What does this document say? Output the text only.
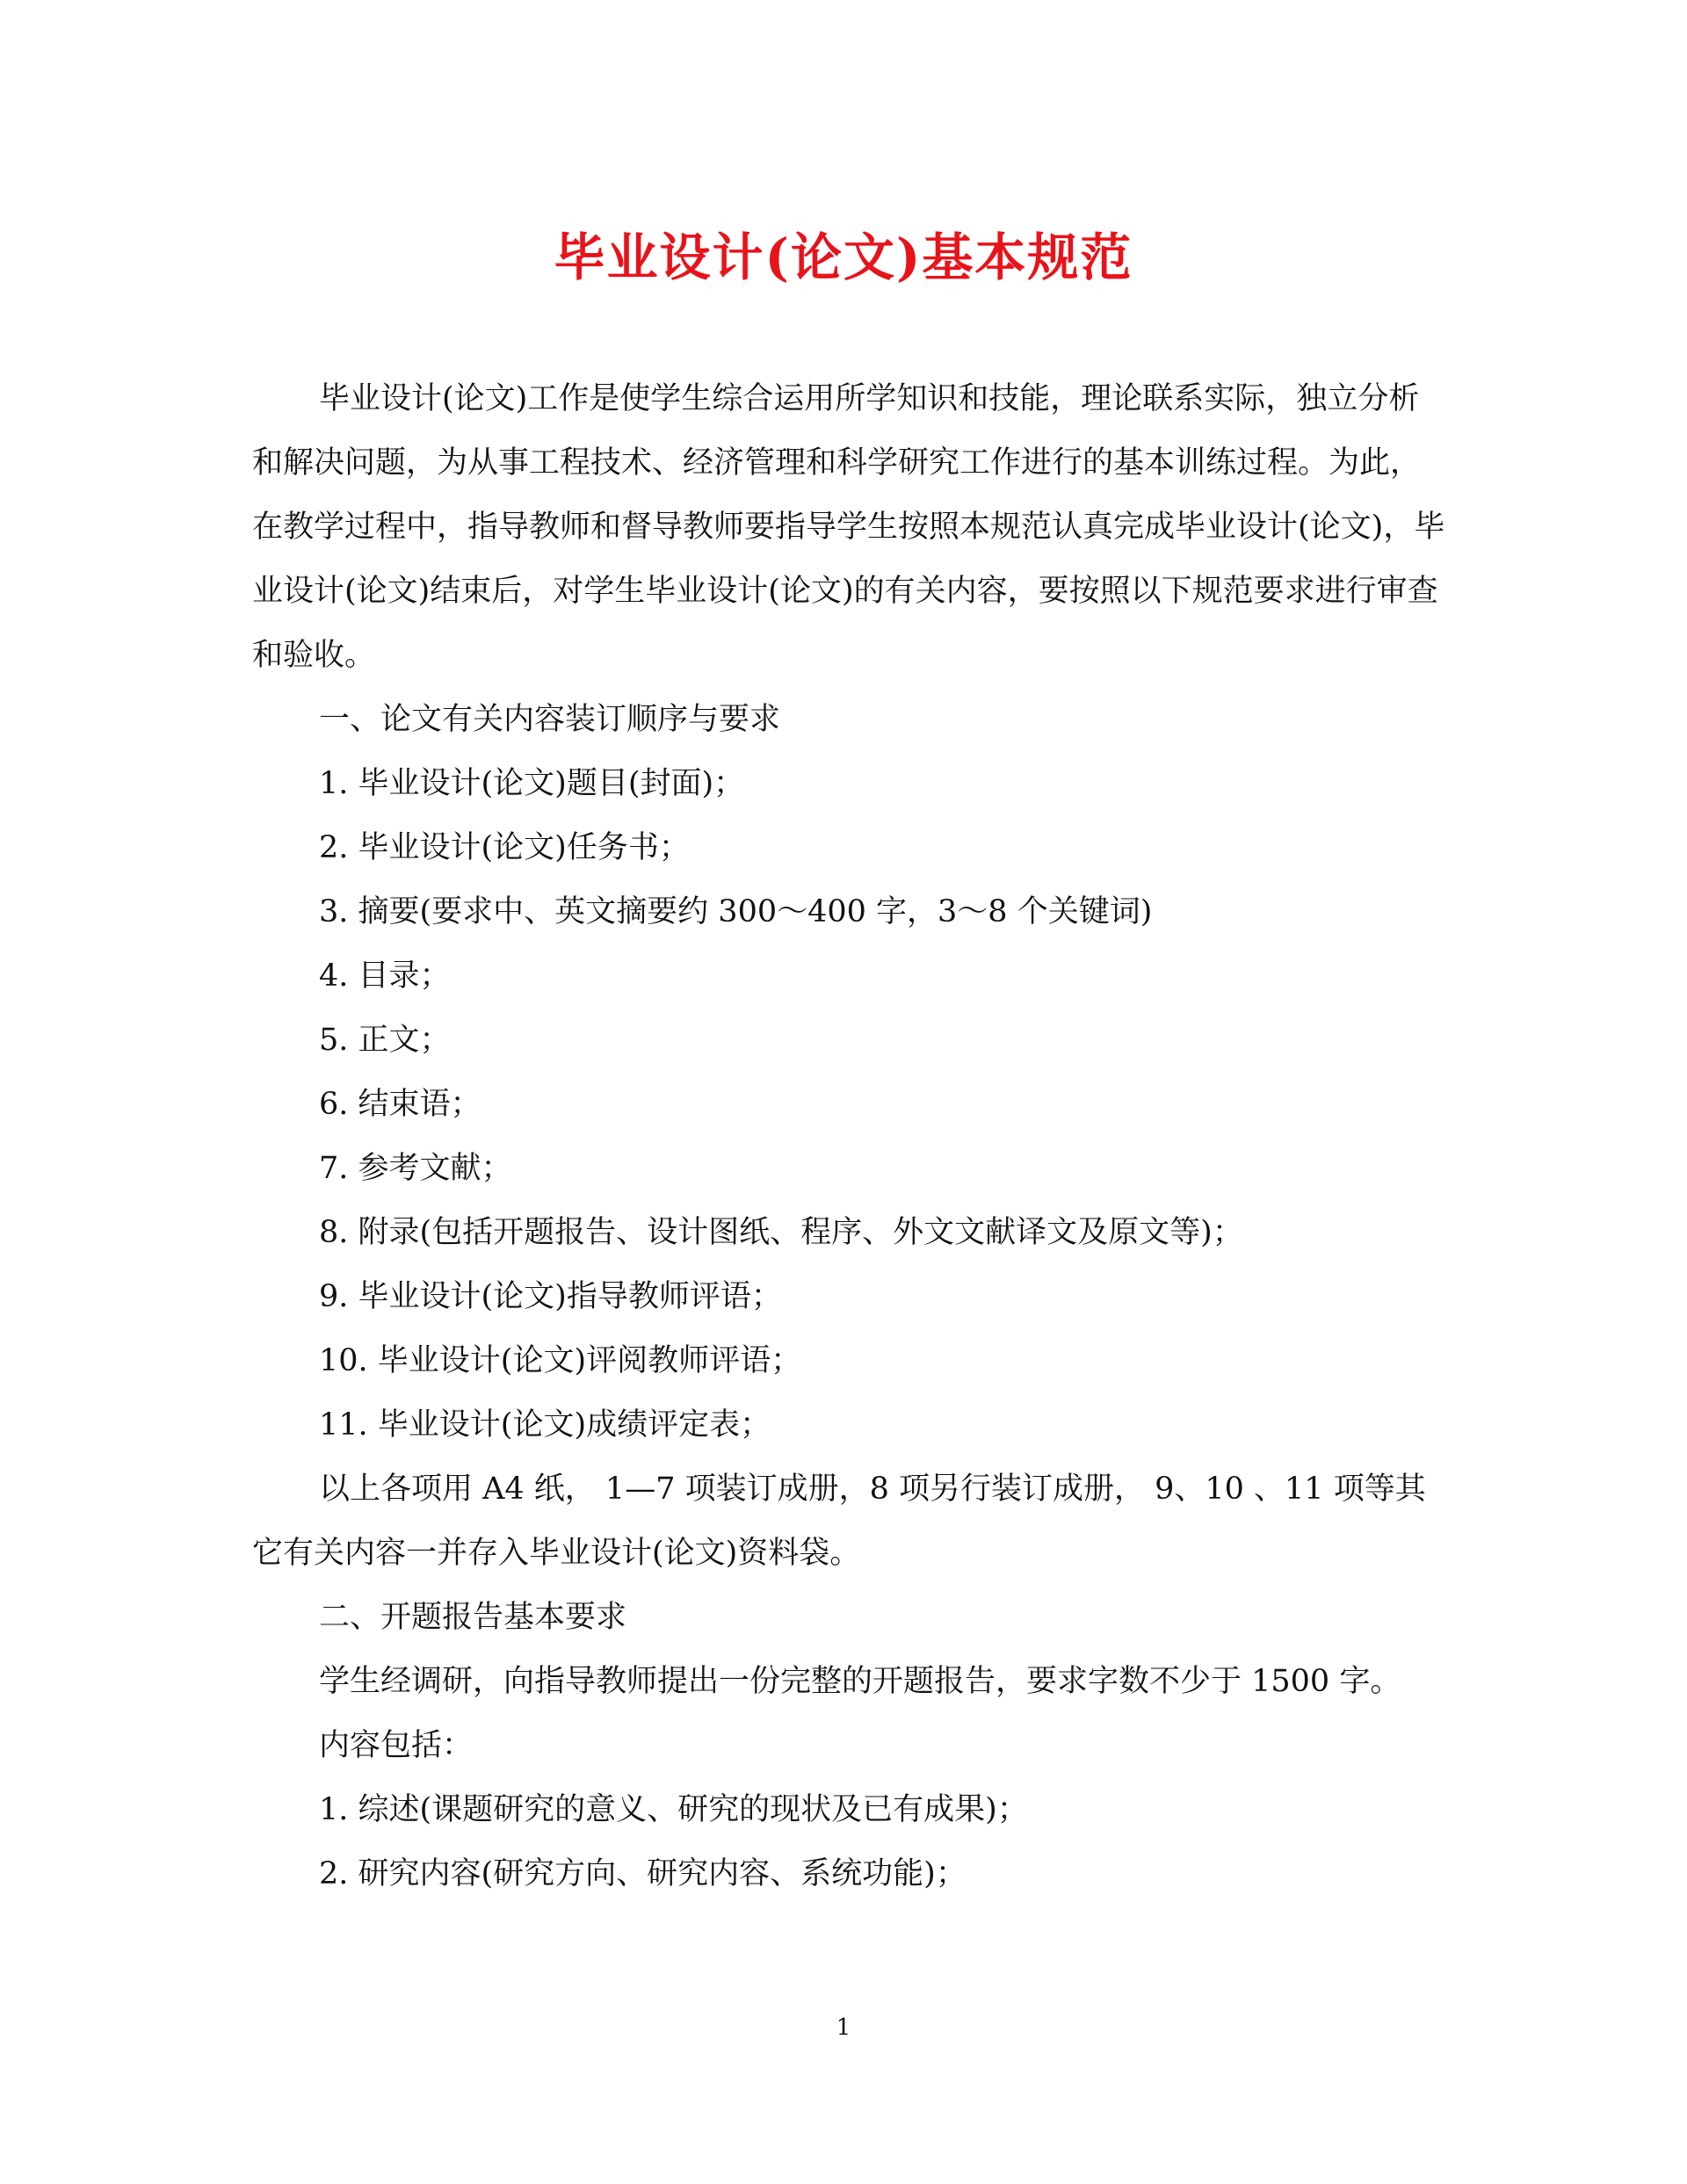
毕业设计(论文)基本规范

毕业设计(论文)工作是使学生综合运用所学知识和技能，理论联系实际，独立分析和解决问题，为从事工程技术、经济管理和科学研究工作进行的基本训练过程。为此，在教学过程中，指导教师和督导教师要指导学生按照本规范认真完成毕业设计(论文)，毕业设计(论文)结束后，对学生毕业设计(论文)的有关内容，要按照以下规范要求进行审查和验收。

一、论文有关内容装订顺序与要求

1. 毕业设计(论文)题目(封面)；

2. 毕业设计(论文)任务书；

3. 摘要(要求中、英文摘要约 300～400 字，3～8 个关键词)

4. 目录；

5. 正文；

6. 结束语；

7. 参考文献；

8. 附录(包括开题报告、设计图纸、程序、外文文献译文及原文等)；

9. 毕业设计(论文)指导教师评语；

10. 毕业设计(论文)评阅教师评语；

11. 毕业设计(论文)成绩评定表；

以上各项用 A4 纸， 1—7 项装订成册，8 项另行装订成册， 9、10 、11 项等其它有关内容一并存入毕业设计(论文)资料袋。

二、开题报告基本要求

学生经调研，向指导教师提出一份完整的开题报告，要求字数不少于 1500 字。

内容包括：

1. 综述(课题研究的意义、研究的现状及已有成果)；

2. 研究内容(研究方向、研究内容、系统功能)；

1
